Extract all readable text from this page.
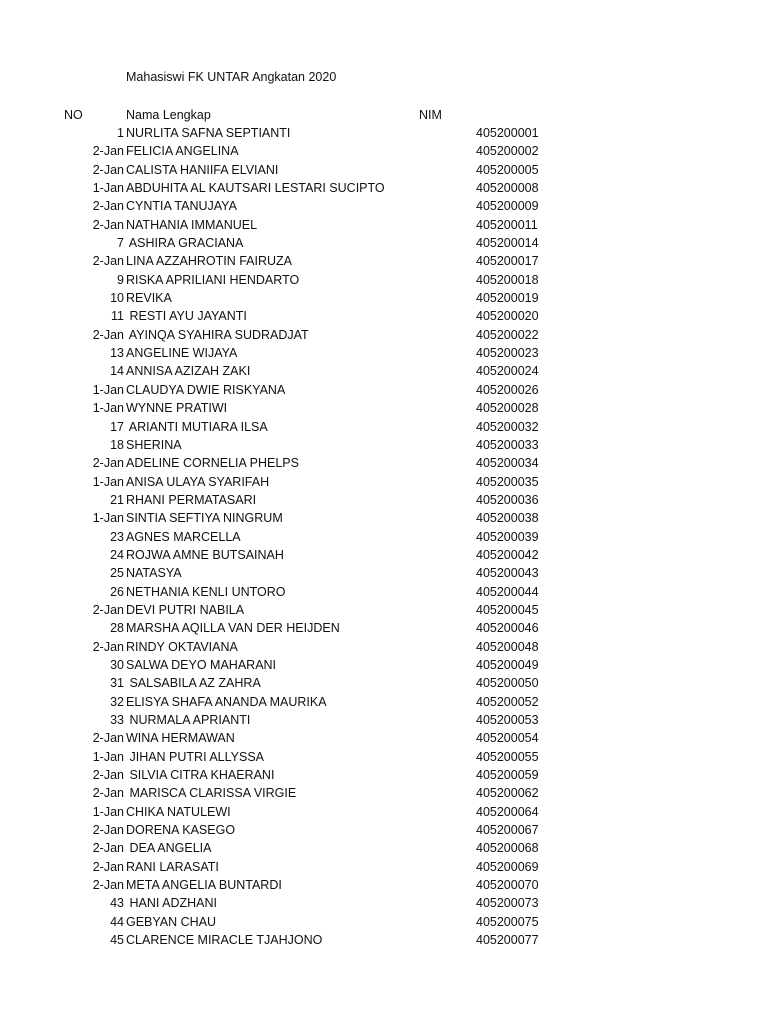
Mahasiswi FK UNTAR Angkatan 2020
NO	Nama Lengkap	NIM
1 NURLITA SAFNA SEPTIANTI	405200001
2-Jan FELICIA ANGELINA	405200002
2-Jan CALISTA HANIIFA ELVIANI	405200005
1-Jan ABDUHITA AL KAUTSARI LESTARI SUCIPTO	405200008
2-Jan CYNTIA TANUJAYA	405200009
2-Jan NATHANIA IMMANUEL	405200011
7 ASHIRA GRACIANA	405200014
2-Jan LINA AZZAHROTIN FAIRUZA	405200017
9 RISKA APRILIANI HENDARTO	405200018
10 REVIKA	405200019
11 RESTI AYU JAYANTI	405200020
2-Jan AYINQA SYAHIRA SUDRADJAT	405200022
13 ANGELINE WIJAYA	405200023
14 ANNISA AZIZAH ZAKI	405200024
1-Jan CLAUDYA DWIE RISKYANA	405200026
1-Jan WYNNE PRATIWI	405200028
17 ARIANTI MUTIARA ILSA	405200032
18 SHERINA	405200033
2-Jan ADELINE CORNELIA PHELPS	405200034
1-Jan ANISA ULAYA SYARIFAH	405200035
21 RHANI PERMATASARI	405200036
1-Jan SINTIA SEFTIYA NINGRUM	405200038
23 AGNES MARCELLA	405200039
24 ROJWA AMNE BUTSAINAH	405200042
25 NATASYA	405200043
26 NETHANIA KENLI UNTORO	405200044
2-Jan DEVI PUTRI NABILA	405200045
28 MARSHA AQILLA VAN DER HEIJDEN	405200046
2-Jan RINDY OKTAVIANA	405200048
30 SALWA DEYO MAHARANI	405200049
31 SALSABILA AZ ZAHRA	405200050
32 ELISYA SHAFA ANANDA MAURIKA	405200052
33 NURMALA APRIANTI	405200053
2-Jan WINA HERMAWAN	405200054
1-Jan JIHAN PUTRI ALLYSSA	405200055
2-Jan SILVIA CITRA KHAERANI	405200059
2-Jan MARISCA CLARISSA VIRGIE	405200062
1-Jan CHIKA NATULEWI	405200064
2-Jan DORENA KASEGO	405200067
2-Jan DEA ANGELIA	405200068
2-Jan RANI LARASATI	405200069
2-Jan META ANGELIA BUNTARDI	405200070
43 HANI ADZHANI	405200073
44 GEBYAN CHAU	405200075
45 CLARENCE MIRACLE TJAHJONO	405200077
